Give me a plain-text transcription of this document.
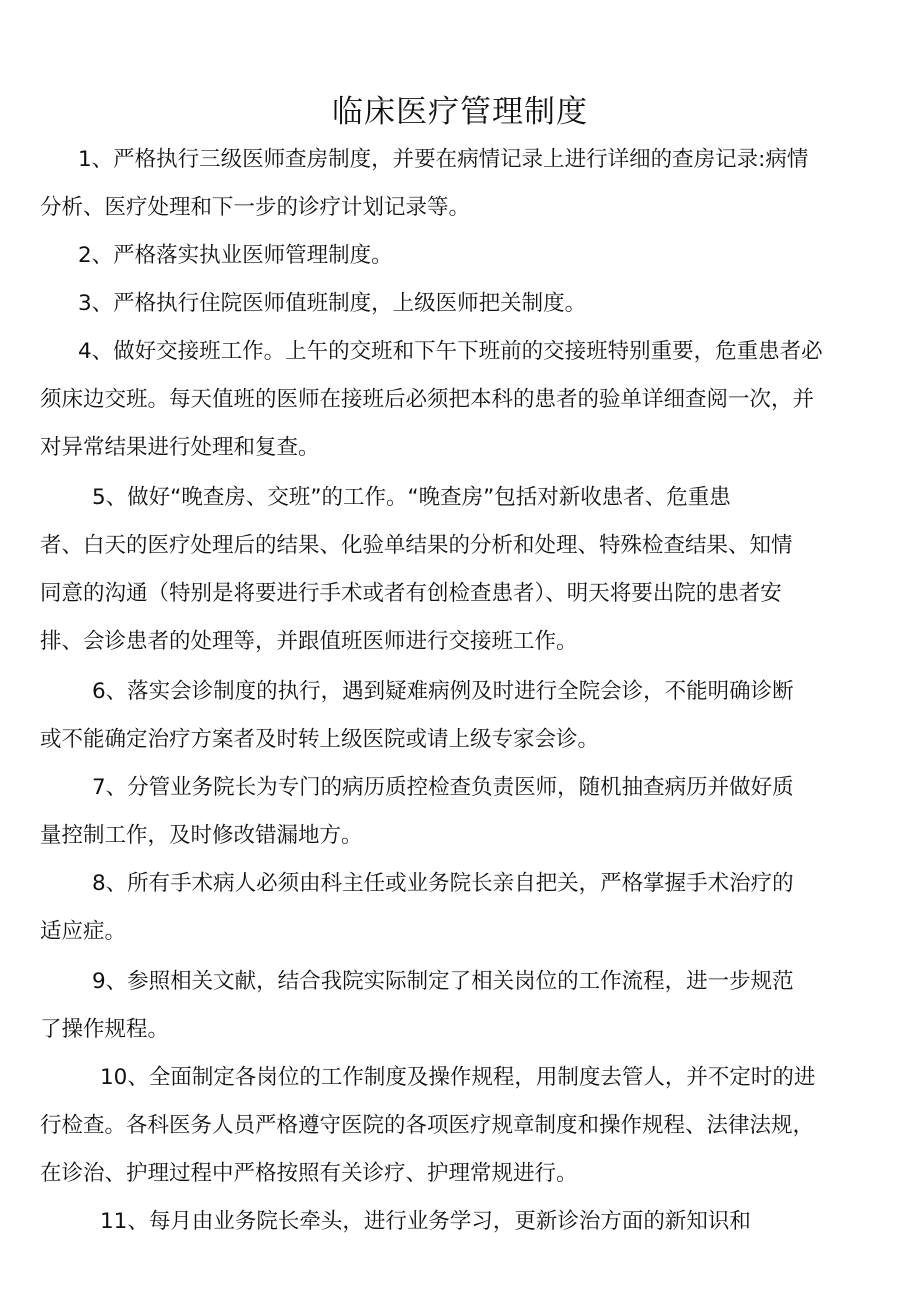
临床医疗管理制度

1、严格执行三级医师查房制度，并要在病情记录上进行详细的查房记录:病情
分析、医疗处理和下一步的诊疗计划记录等。

2、严格落实执业医师管理制度。

3、严格执行住院医师值班制度，上级医师把关制度。

4、做好交接班工作。上午的交班和下午下班前的交接班特别重要，危重患者必
须床边交班。每天值班的医师在接班后必须把本科的患者的验单详细查阅一次，并
对异常结果进行处理和复查。

5、做好“晚查房、交班”的工作。“晚查房”包括对新收患者、危重患
者、白天的医疗处理后的结果、化验单结果的分析和处理、特殊检查结果、知情
同意的沟通（特别是将要进行手术或者有创检查患者）、明天将要出院的患者安
排、会诊患者的处理等，并跟值班医师进行交接班工作。

6、落实会诊制度的执行，遇到疑难病例及时进行全院会诊，不能明确诊断
或不能确定治疗方案者及时转上级医院或请上级专家会诊。

7、分管业务院长为专门的病历质控检查负责医师，随机抽查病历并做好质
量控制工作，及时修改错漏地方。

8、所有手术病人必须由科主任或业务院长亲自把关，严格掌握手术治疗的
适应症。

9、参照相关文献，结合我院实际制定了相关岗位的工作流程，进一步规范
了操作规程。

10、全面制定各岗位的工作制度及操作规程，用制度去管人，并不定时的进
行检查。各科医务人员严格遵守医院的各项医疗规章制度和操作规程、法律法规，
在诊治、护理过程中严格按照有关诊疗、护理常规进行。

11、每月由业务院长牵头，进行业务学习，更新诊治方面的新知识和
